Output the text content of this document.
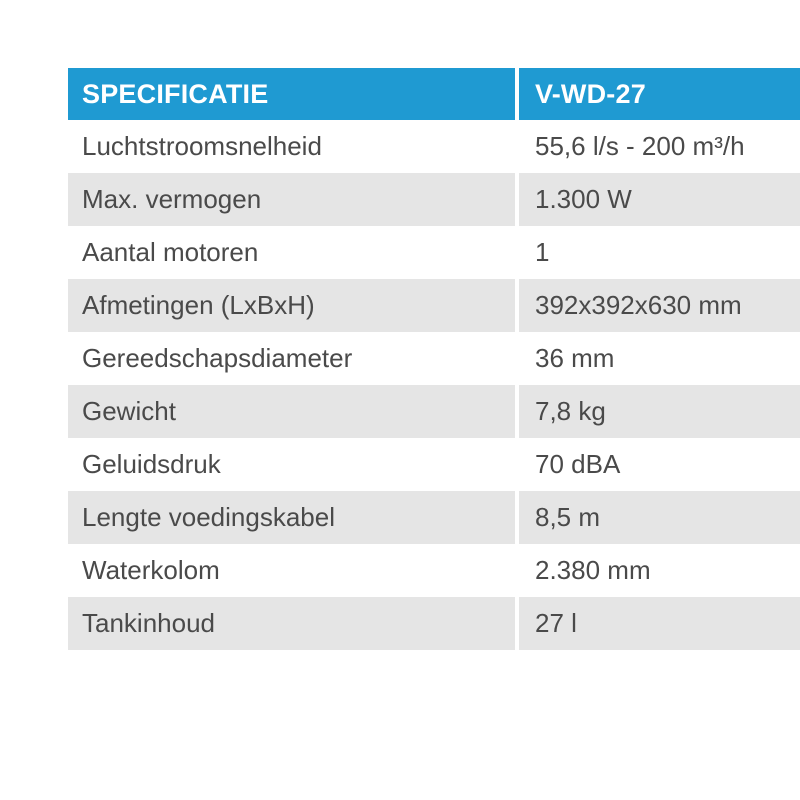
SPECIFICATIE	V-WD-27
Luchtstroomsnelheid	55,6 l/s - 200 m³/h
Max. vermogen	1.300 W
Aantal motoren	1
Afmetingen (LxBxH)	392x392x630 mm
Gereedschapsdiameter	36 mm
Gewicht	7,8 kg
Geluidsdruk	70 dBA
Lengte voedingskabel	8,5 m
Waterkolom	2.380 mm
Tankinhoud	27 l
